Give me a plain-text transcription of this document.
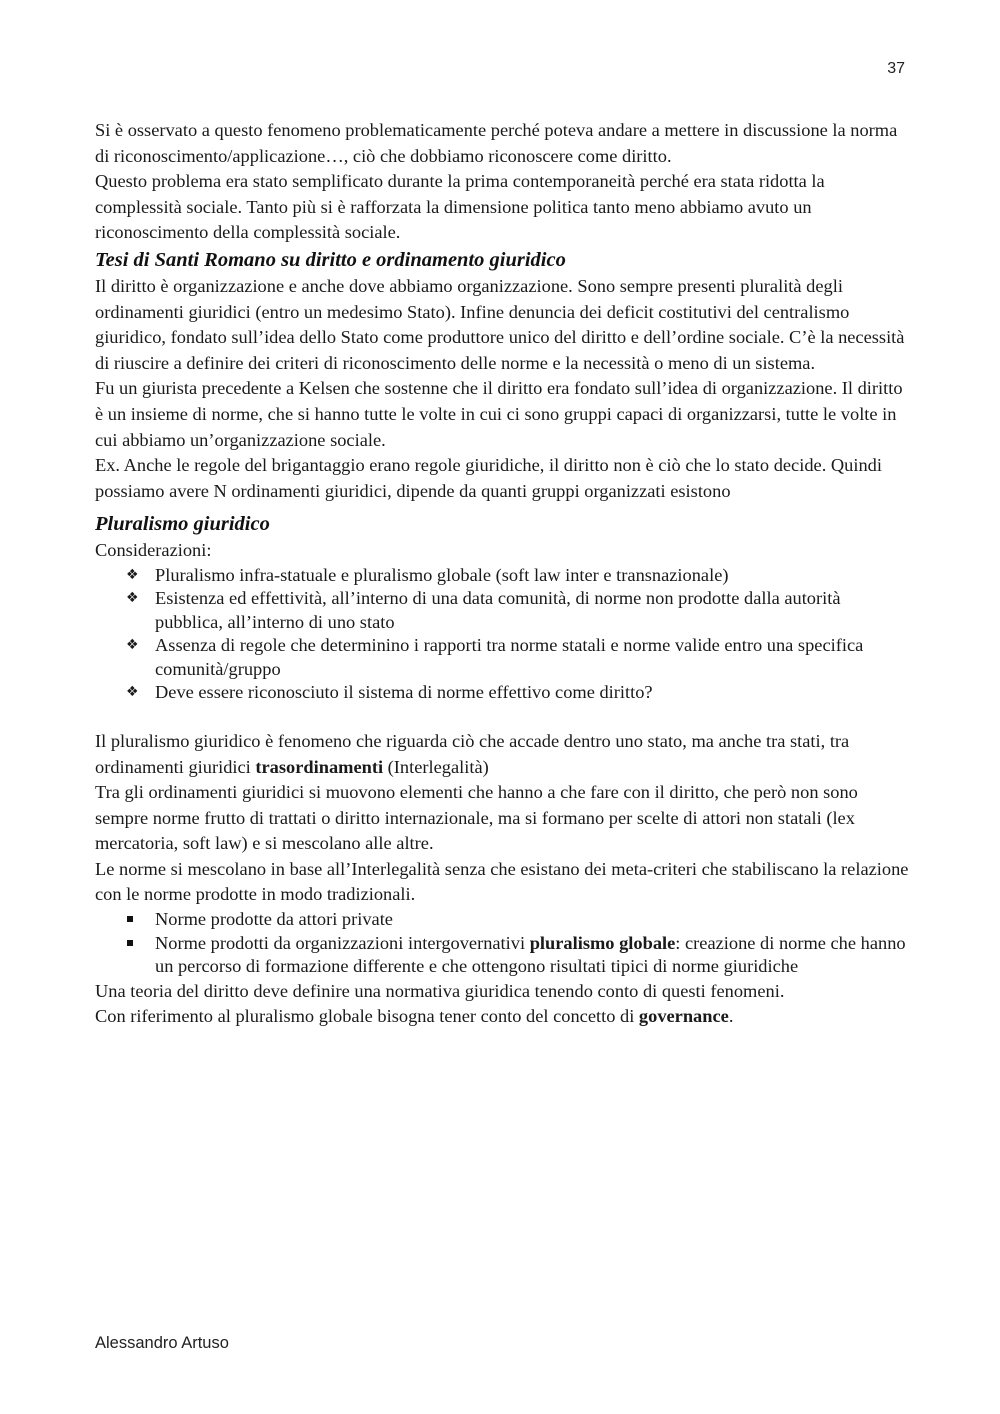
37

Si è osservato a questo fenomeno problematicamente perché poteva andare a mettere in discussione la norma di riconoscimento/applicazione…, ciò che dobbiamo riconoscere come diritto.

Questo problema era stato semplificato durante la prima contemporaneità perché era stata ridotta la complessità sociale. Tanto più si è rafforzata la dimensione politica tanto meno abbiamo avuto un riconoscimento della complessità sociale.

Tesi di Santi Romano su diritto e ordinamento giuridico

Il diritto è organizzazione e anche dove abbiamo organizzazione. Sono sempre presenti pluralità degli ordinamenti giuridici (entro un medesimo Stato). Infine denuncia dei deficit costitutivi del centralismo giuridico, fondato sull’idea dello Stato come produttore unico del diritto e dell’ordine sociale. C’è la necessità di riuscire a definire dei criteri di riconoscimento delle norme e la necessità o meno di un sistema.

Fu un giurista precedente a Kelsen che sostenne che il diritto era fondato sull’idea di organizzazione. Il diritto è un insieme di norme, che si hanno tutte le volte in cui ci sono gruppi capaci di organizzarsi, tutte le volte in cui abbiamo un’organizzazione sociale.

Ex. Anche le regole del brigantaggio erano regole giuridiche, il diritto non è ciò che lo stato decide. Quindi possiamo avere N ordinamenti giuridici, dipende da quanti gruppi organizzati esistono

Pluralismo giuridico

Considerazioni:

❖ Pluralismo infra-statuale e pluralismo globale (soft law inter e transnazionale)
❖ Esistenza ed effettività, all’interno di una data comunità, di norme non prodotte dalla autorità pubblica, all’interno di uno stato
❖ Assenza di regole che determinino i rapporti tra norme statali e norme valide entro una specifica comunità/gruppo
❖ Deve essere riconosciuto il sistema di norme effettivo come diritto?

Il pluralismo giuridico è fenomeno che riguarda ciò che accade dentro uno stato, ma anche tra stati, tra ordinamenti giuridici trasordinamenti (Interlegalità)

Tra gli ordinamenti giuridici si muovono elementi che hanno a che fare con il diritto, che però non sono sempre norme frutto di trattati o diritto internazionale, ma si formano per scelte di attori non statali (lex mercatoria, soft law) e si mescolano alle altre.

Le norme si mescolano in base all’Interlegalità senza che esistano dei meta-criteri che stabiliscano la relazione con le norme prodotte in modo tradizionali.

Norme prodotte da attori private
Norme prodotti da organizzazioni intergovernativi pluralismo globale: creazione di norme che hanno un percorso di formazione differente e che ottengono risultati tipici di norme giuridiche

Una teoria del diritto deve definire una normativa giuridica tenendo conto di questi fenomeni.

Con riferimento al pluralismo globale bisogna tener conto del concetto di governance.

Alessandro Artuso
